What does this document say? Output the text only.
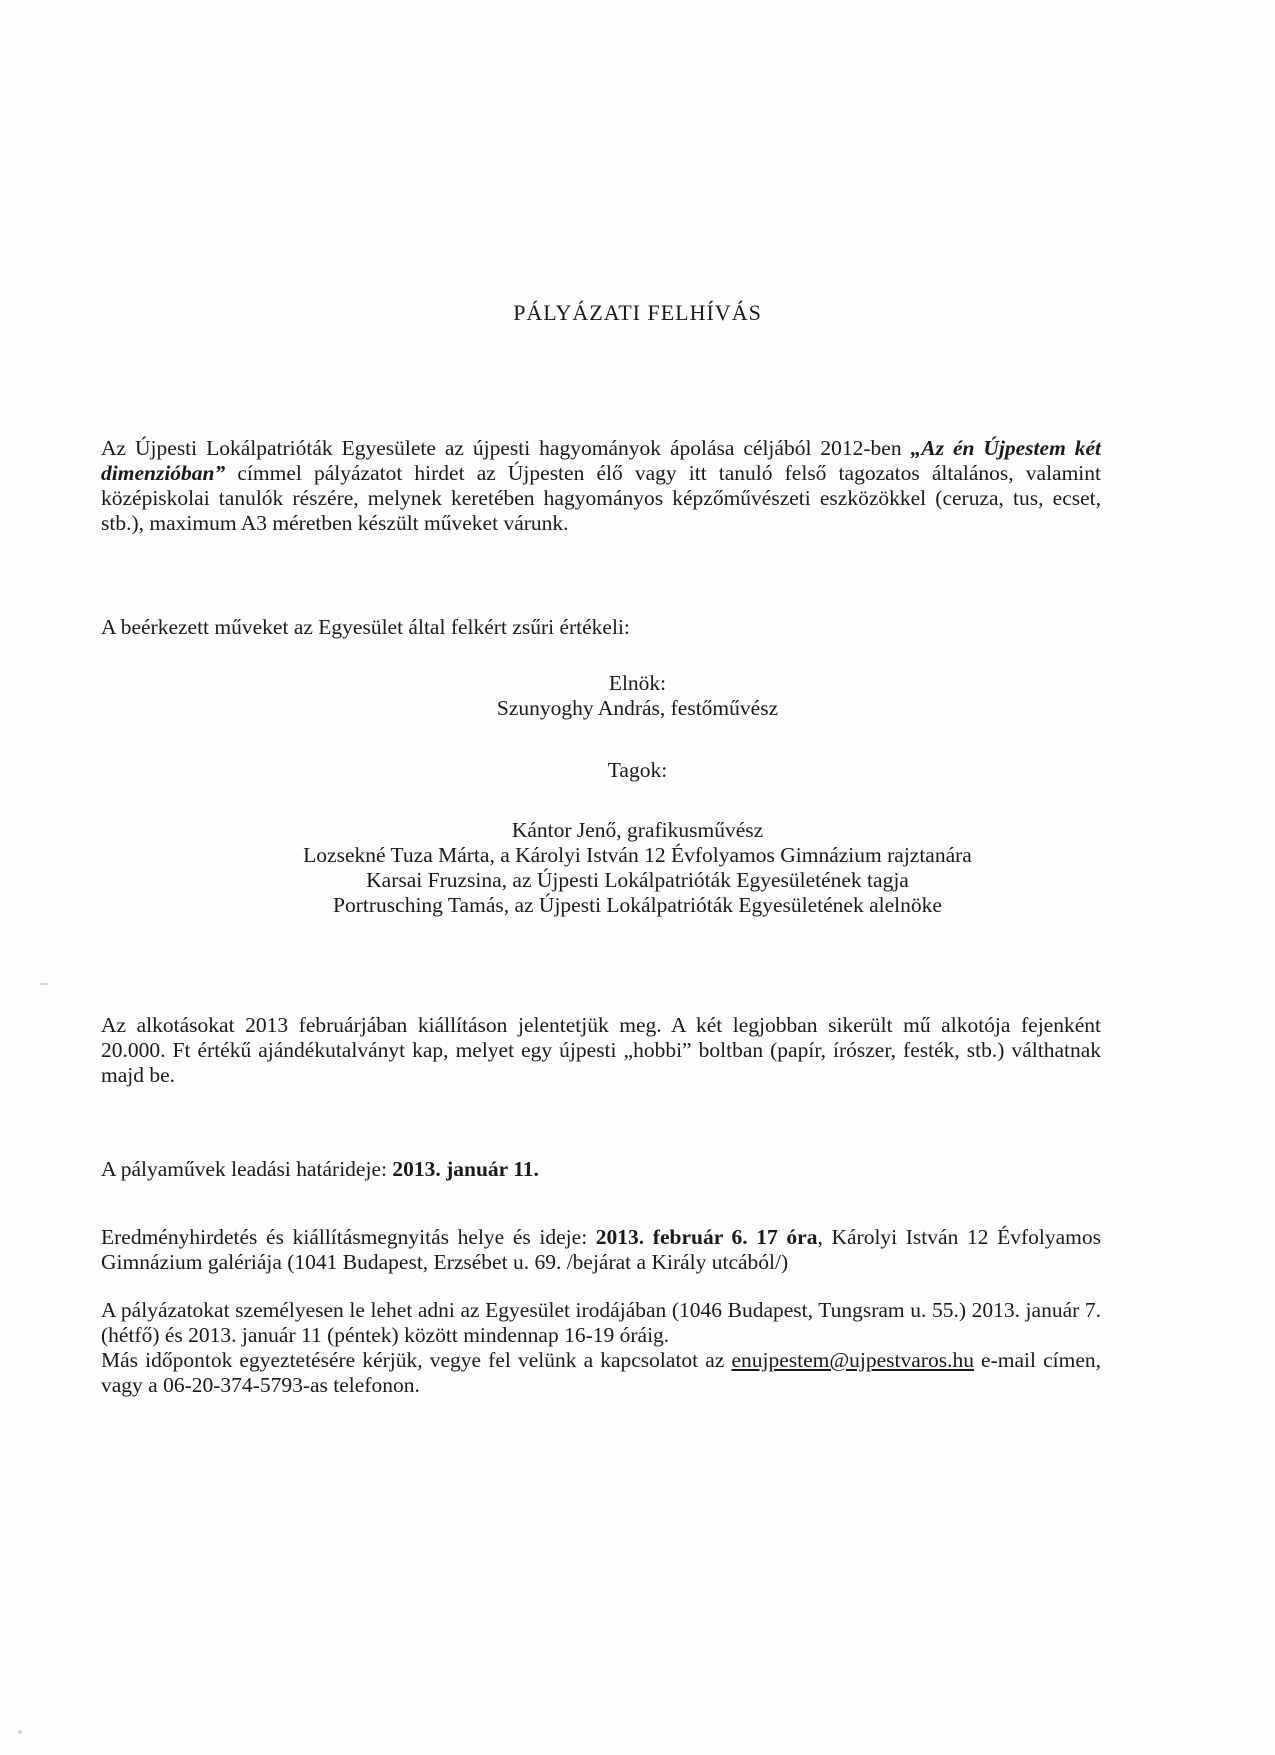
PÁLYÁZATI FELHÍVÁS
Az Újpesti Lokálpatrióták Egyesülete az újpesti hagyományok ápolása céljából 2012-ben „Az én Újpestem két dimenzióban” címmel pályázatot hirdet az Újpesten élő vagy itt tanuló felső tagozatos általános, valamint középiskolai tanulók részére, melynek keretében hagyományos képzőművészeti eszközökkel (ceruza, tus, ecset, stb.), maximum A3 méretben készült műveket várunk.
A beérkezett műveket az Egyesület által felkért zsűri értékeli:
Elnök:
Szunyoghy András, festőművész
Tagok:
Kántor Jenő, grafikusművész
Lozsekné Tuza Márta, a Károlyi István 12 Évfolyamos Gimnázium rajztanára
Karsai Fruzsina, az Újpesti Lokálpatrióták Egyesületének tagja
Portrusching Tamás, az Újpesti Lokálpatrióták Egyesületének alelnöke
Az alkotásokat 2013 februárjában kiállításon jelentetjük meg. A két legjobban sikerült mű alkotója fejenként 20.000. Ft értékű ajándékutalványt kap, melyet egy újpesti „hobbi” boltban (papír, írószer, festék, stb.) válthatnak majd be.
A pályaművek leadási határideje: 2013. január 11.
Eredményhirdetés és kiállításmegnyitás helye és ideje: 2013. február 6. 17 óra, Károlyi István 12 Évfolyamos Gimnázium galériája (1041 Budapest, Erzsébet u. 69. /bejárat a Király utcából/)
A pályázatokat személyesen le lehet adni az Egyesület irodájában (1046 Budapest, Tungsram u. 55.) 2013. január 7.(hétfő) és 2013. január 11 (péntek) között mindennap 16-19 óráig.
Más időpontok egyeztetésére kérjük, vegye fel velünk a kapcsolatot az enujpestem@ujpestvaros.hu e-mail címen, vagy a 06-20-374-5793-as telefonon.
